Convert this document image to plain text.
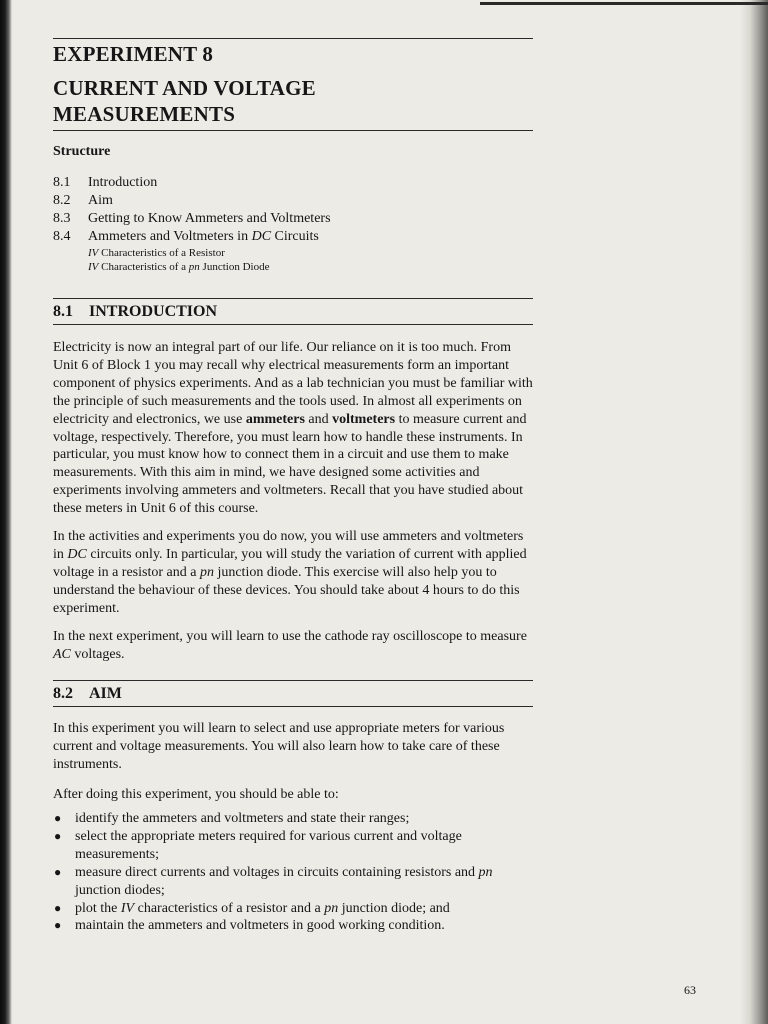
EXPERIMENT 8
CURRENT AND VOLTAGE
MEASUREMENTS
Structure
8.1	Introduction
8.2	Aim
8.3	Getting to Know Ammeters and Voltmeters
8.4	Ammeters and Voltmeters in DC Circuits
IV Characteristics of a Resistor
IV Characteristics of a pn Junction Diode
8.1 INTRODUCTION

Electricity is now an integral part of our life. Our reliance on it is too much. From Unit 6 of Block 1 you may recall why electrical measurements form an important component of physics experiments. And as a lab technician you must be familiar with the principle of such measurements and the tools used. In almost all experiments on electricity and electronics, we use ammeters and voltmeters to measure current and voltage, respectively. Therefore, you must learn how to handle these instruments. In particular, you must know how to connect them in a circuit and use them to make measurements. With this aim in mind, we have designed some activities and experiments involving ammeters and voltmeters. Recall that you have studied about these meters in Unit 6 of this course.

In the activities and experiments you do now, you will use ammeters and voltmeters in DC circuits only. In particular, you will study the variation of current with applied voltage in a resistor and a pn junction diode. This exercise will also help you to understand the behaviour of these devices. You should take about 4 hours to do this experiment.

In the next experiment, you will learn to use the cathode ray oscilloscope to measure AC voltages.

8.2 AIM

In this experiment you will learn to select and use appropriate meters for various current and voltage measurements. You will also learn how to take care of these instruments.

After doing this experiment, you should be able to:

● identify the ammeters and voltmeters and state their ranges;
● select the appropriate meters required for various current and voltage measurements;
● measure direct currents and voltages in circuits containing resistors and pn junction diodes;
● plot the IV characteristics of a resistor and a pn junction diode; and
● maintain the ammeters and voltmeters in good working condition.
63
